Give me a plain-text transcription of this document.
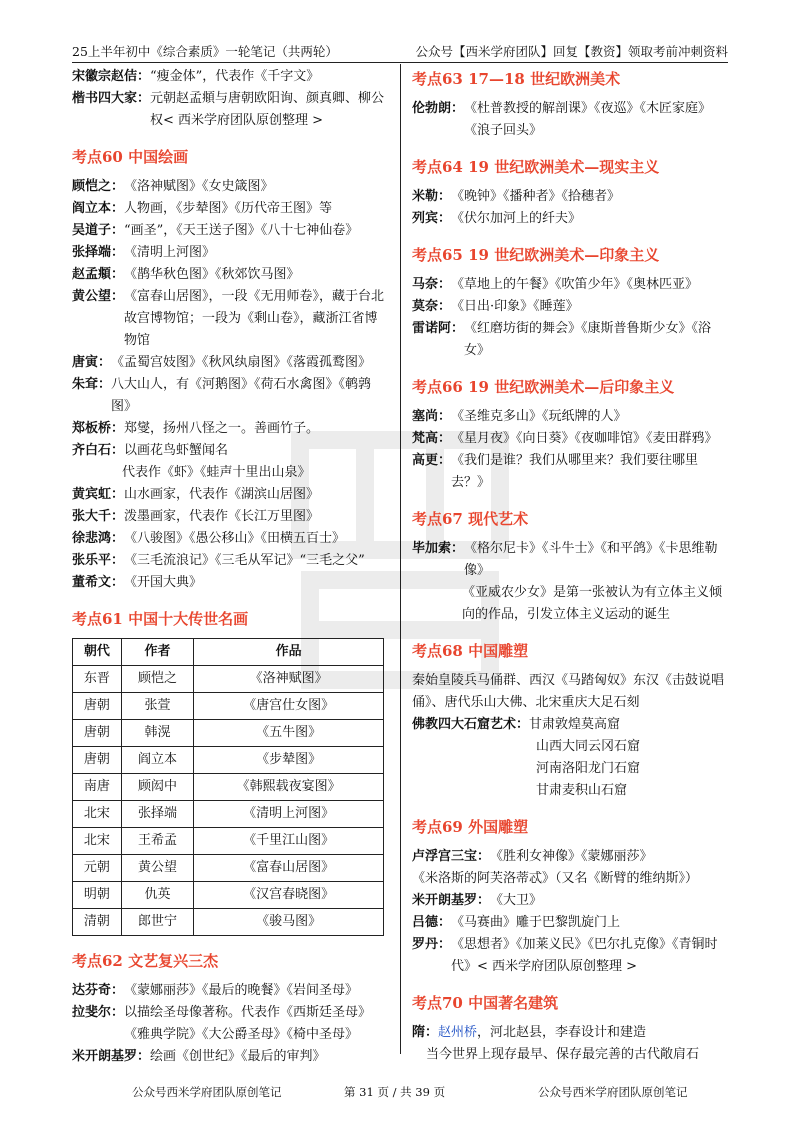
25上半年初中《综合素质》一轮笔记（共两轮）	公众号【西米学府团队】回复【教资】领取考前冲刺资料
宋徽宗赵佶： “瘦金体”，代表作《千字文》
楷书四大家： 元朝赵孟頫与唐朝欧阳询、颜真卿、柳公权< 西米学府团队原创整理 >
考点60 中国绘画
顾恺之： 《洛神赋图》《女史箴图》
阎立本： 人物画，《步辇图》《历代帝王图》等
吴道子： “画圣”，《天王送子图》《八十七神仙卷》
张择端： 《清明上河图》
赵孟頫： 《鹊华秋色图》《秋郊饮马图》
黄公望： 《富春山居图》，一段《无用师卷》，藏于台北故宫博物馆；一段为《剩山卷》，藏浙江省博物馆
唐寅： 《孟蜀宫妓图》《秋风纨扇图》《落霞孤鹜图》
朱耷： 八大山人，有《河鹅图》《荷石水禽图》《鹌鹑图》
郑板桥： 郑燮，扬州八怪之一。善画竹子。
齐白石： 以画花鸟虾蟹闻名
代表作《虾》《蛙声十里出山泉》
黄宾虹： 山水画家，代表作《湖滨山居图》
张大千： 泼墨画家，代表作《长江万里图》
徐悲鸿： 《八骏图》《愚公移山》《田横五百士》
张乐平： 《三毛流浪记》《三毛从军记》“三毛之父”
董希文： 《开国大典》
考点61 中国十大传世名画
朝代	作者	作品
东晋	顾恺之	《洛神赋图》
唐朝	张萱	《唐宫仕女图》
唐朝	韩滉	《五牛图》
唐朝	阎立本	《步辇图》
南唐	顾闳中	《韩熙载夜宴图》
北宋	张择端	《清明上河图》
北宋	王希孟	《千里江山图》
元朝	黄公望	《富春山居图》
明朝	仇英	《汉宫春晓图》
清朝	郎世宁	《骏马图》
考点62 文艺复兴三杰
达芬奇： 《蒙娜丽莎》《最后的晚餐》《岩间圣母》
拉斐尔： 以描绘圣母像著称。代表作《西斯廷圣母》《雅典学院》《大公爵圣母》《椅中圣母》
米开朗基罗： 绘画《创世纪》《最后的审判》
考点63 17—18 世纪欧洲美术
伦勃朗： 《杜普教授的解剖课》《夜巡》《木匠家庭》《浪子回头》
考点64 19 世纪欧洲美术—现实主义
米勒： 《晚钟》《播种者》《拾穗者》
列宾： 《伏尔加河上的纤夫》
考点65 19 世纪欧洲美术—印象主义
马奈： 《草地上的午餐》《吹笛少年》《奥林匹亚》
莫奈： 《日出·印象》《睡莲》
雷诺阿： 《红磨坊街的舞会》《康斯普鲁斯少女》《浴女》
考点66 19 世纪欧洲美术—后印象主义
塞尚： 《圣维克多山》《玩纸牌的人》
梵高： 《星月夜》《向日葵》《夜咖啡馆》《麦田群鸦》
高更： 《我们是谁？我们从哪里来？我们要往哪里去？》
考点67 现代艺术
毕加索： 《格尔尼卡》《斗牛士》《和平鸽》《卡思维勒像》
《亚威农少女》是第一张被认为有立体主义倾向的作品，引发立体主义运动的诞生
考点68 中国雕塑
秦始皇陵兵马俑群、西汉《马踏匈奴》东汉《击鼓说唱俑》、唐代乐山大佛、北宋重庆大足石刻
佛教四大石窟艺术： 甘肃敦煌莫高窟
山西大同云冈石窟
河南洛阳龙门石窟
甘肃麦积山石窟
考点69 外国雕塑
卢浮宫三宝： 《胜利女神像》《蒙娜丽莎》
《米洛斯的阿芙洛蒂忒》（又名《断臂的维纳斯》）
米开朗基罗： 《大卫》
吕德： 《马赛曲》雕于巴黎凯旋门上
罗丹： 《思想者》《加莱义民》《巴尔扎克像》《青铜时代》< 西米学府团队原创整理 >
考点70 中国著名建筑
隋： 赵州桥，河北赵县，李春设计和建造
当今世界上现存最早、保存最完善的古代敞肩石
公众号西米学府团队原创笔记	第 31 页 / 共 39 页	公众号西米学府团队原创笔记
